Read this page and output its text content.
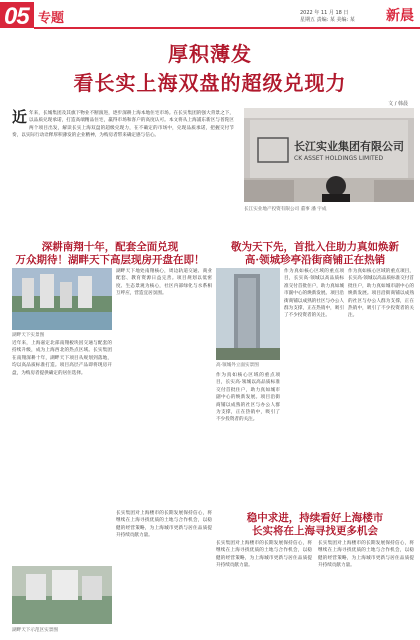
05 专题	2022 年 11 月 18 日
星期五 责编: 某 美编: 某 新晨
厚积薄发
看长实上海双盘的超级兑现力
文 / 韩晨
近 年来，长城集团及其旗下物业不断演进，逐步深耕上海本地住宅市场。在长实集团的强大背景之下，以品质兑现承诺，打造高端精品住宅，赢得市场和客户的高度认可。本文将从上海浦东新区与普陀区两个项目出发，解读长实上海双盘的超级兑现力，在不确定的市场中，兑现品质承诺，把握交付节奏，以实际行动诠释厚积薄发的企业精神，为购房者带来确定感与信心。
长江实业集团有限公司
CK ASSET HOLDINGS LIMITED
长江实业地产投资有限公司 董事 潘 宇成
深耕南翔十年，配套全面兑现
万众期待！湖畔天下高层现房开盘在即！
敬为天下先，首批入住助力真如焕新
高·领城珍亭沿街商铺正在热销
湖畔天下实景图
湖畔天下地处南翔核心，周边轨道交通、商业配套、教育资源日益完善。项目规划以低密度、生态景观为核心，社区内部绿化与水系相互呼应，营造宜居氛围。
近年来，上海嘉定北部南翔板块因交通与配套的持续升级，成为上海西北的热点区域。长实集团在南翔深耕十年，湖畔天下项目从规划到落地，均以高品质标准打造。项目高层产品即将现房开盘，为购房者提供确定的居住选择。
湖畔天下示范区实景图
高·领城外立面实景图
作为真如核心区域的重点项目，长实高·领城以高品质标准交付首批住户，助力真如城市副中心的焕新发展。项目沿街商铺以成熟的社区与办公人群为支撑，正在热销中，吸引了不少投资者的关注。
作为真如核心区域的重点项目，长实高·领城以高品质标准交付首批住户，助力真如城市副中心的焕新发展。项目沿街商铺以成熟的社区与办公人群为支撑，正在热销中，吸引了不少投资者的关注。
作为真如核心区域的重点项目，长实高·领城以高品质标准交付首批住户，助力真如城市副中心的焕新发展。项目沿街商铺以成熟的社区与办公人群为支撑，正在热销中，吸引了不少投资者的关注。
稳中求进，持续看好上海楼市
长实将在上海寻找更多机会
长实集团对上海楼市的长期发展保持信心，将继续在上海寻找优质的土地与合作机会，以稳健的经营策略，为上海城市更新与居住品质提升持续贡献力量。
长实集团对上海楼市的长期发展保持信心，将继续在上海寻找优质的土地与合作机会，以稳健的经营策略，为上海城市更新与居住品质提升持续贡献力量。
长实集团对上海楼市的长期发展保持信心，将继续在上海寻找优质的土地与合作机会，以稳健的经营策略，为上海城市更新与居住品质提升持续贡献力量。
